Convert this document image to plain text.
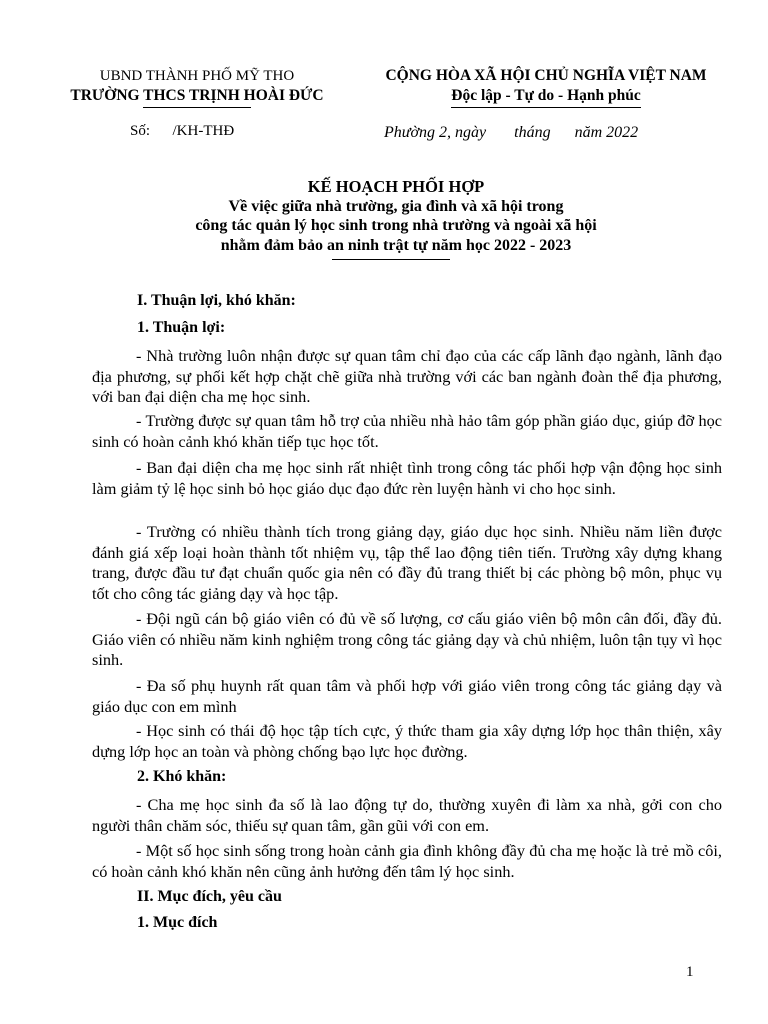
UBND THÀNH PHỐ MỸ THO
TRƯỜNG THCS TRỊNH HOÀI ĐỨC
CỘNG HÒA XÃ HỘI CHỦ NGHĨA VIỆT NAM
Độc lập - Tự do - Hạnh phúc
Số:      /KH-THĐ	Phường 2, ngày       tháng      năm 2022
KẾ HOẠCH PHỐI HỢP
Về việc giữa nhà trường, gia đình và xã hội trong
công tác quản lý học sinh trong nhà trường và ngoài xã hội
nhằm đảm bảo an ninh trật tự năm học 2022 - 2023
I. Thuận lợi, khó khăn:
1. Thuận lợi:
- Nhà trường luôn nhận được sự quan tâm chỉ đạo của các cấp lãnh đạo ngành, lãnh đạo địa phương, sự phối kết hợp chặt chẽ giữa nhà trường với các ban ngành đoàn thể địa phương, với ban đại diện cha mẹ học sinh.
- Trường được sự quan tâm hỗ trợ của nhiều nhà hảo tâm góp phần giáo dục, giúp đỡ học sinh có hoàn cảnh khó khăn tiếp tục học tốt.
- Ban đại diện cha mẹ học sinh rất nhiệt tình trong công tác phối hợp vận động học sinh làm giảm tỷ lệ học sinh bỏ học giáo dục đạo đức rèn luyện hành vi cho học sinh.
- Trường có nhiều thành tích trong giảng dạy, giáo dục học sinh. Nhiều năm liền được đánh giá xếp loại hoàn thành tốt nhiệm vụ, tập thể lao động tiên tiến. Trường xây dựng khang trang, được đầu tư đạt chuẩn quốc gia nên có đầy đủ trang thiết bị các phòng bộ môn, phục vụ tốt cho công tác giảng dạy và học tập.
- Đội ngũ cán bộ giáo viên có đủ về số lượng, cơ cấu giáo viên bộ môn cân đối, đầy đủ. Giáo viên có nhiều năm kinh nghiệm trong công tác giảng dạy và chủ nhiệm, luôn tận tụy vì học sinh.
- Đa số phụ huynh rất quan tâm và phối hợp với giáo viên trong công tác giảng dạy và giáo dục con em mình
- Học sinh có thái độ học tập tích cực, ý thức tham gia xây dựng lớp học thân thiện, xây dựng lớp học an toàn và phòng chống bạo lực học đường.
2. Khó khăn:
- Cha mẹ học sinh đa số là lao động tự do, thường xuyên đi làm xa nhà, gởi con cho người thân chăm sóc, thiếu sự quan tâm, gần gũi với con em.
- Một số học sinh sống trong hoàn cảnh gia đình không đầy đủ cha mẹ hoặc là trẻ mồ côi, có hoàn cảnh khó khăn nên cũng ảnh hưởng đến tâm lý học sinh.
II. Mục đích, yêu cầu
1. Mục đích
1
